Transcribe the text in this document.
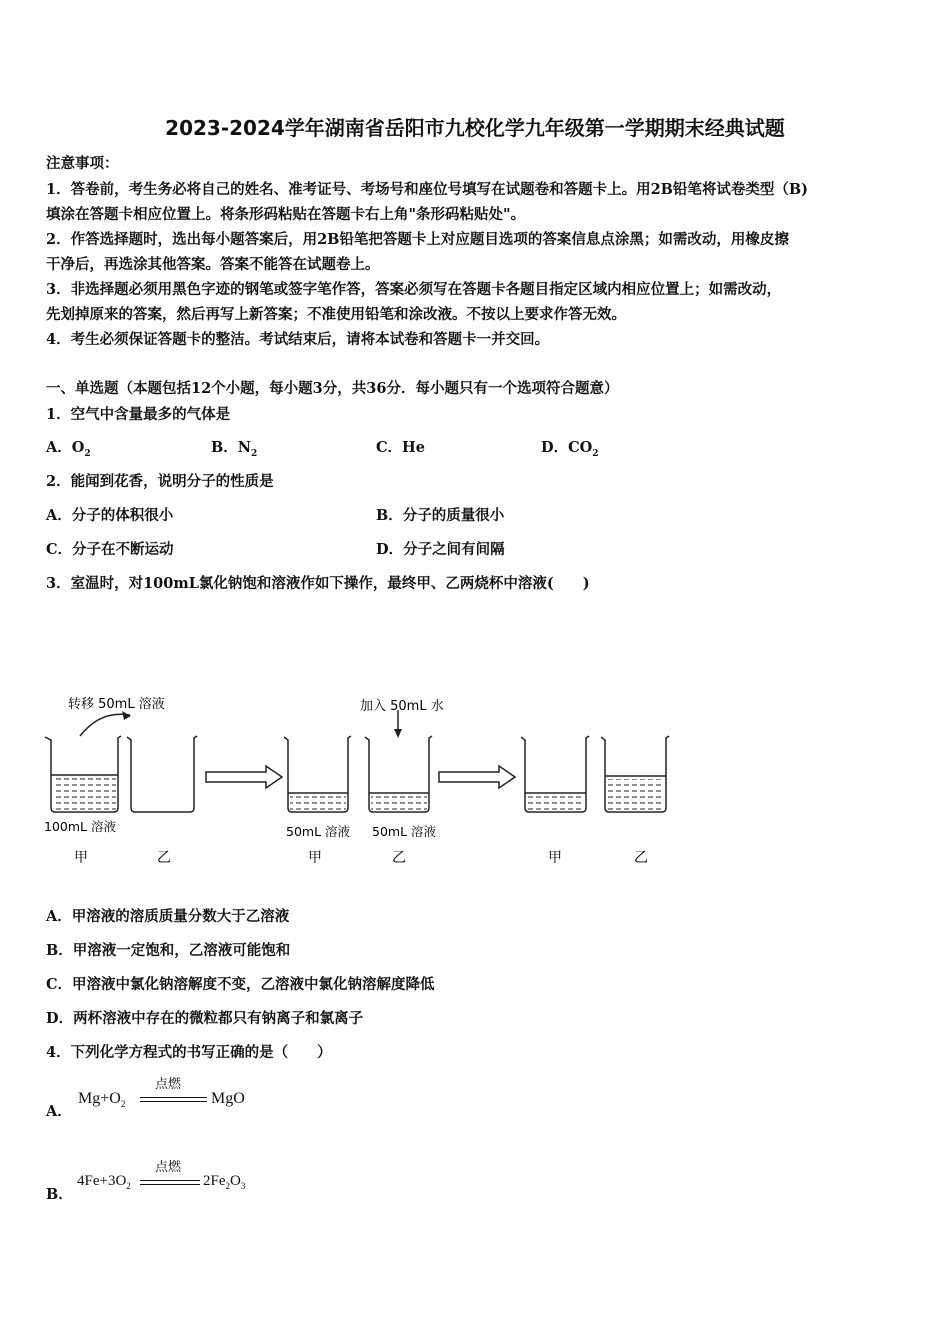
2023-2024学年湖南省岳阳市九校化学九年级第一学期期末经典试题
注意事项：
1．答卷前，考生务必将自己的姓名、准考证号、考场号和座位号填写在试题卷和答题卡上。用2B铅笔将试卷类型（B)
填涂在答题卡相应位置上。将条形码粘贴在答题卡右上角"条形码粘贴处"。
2．作答选择题时，选出每小题答案后，用2B铅笔把答题卡上对应题目选项的答案信息点涂黑；如需改动，用橡皮擦
干净后，再选涂其他答案。答案不能答在试题卷上。
3．非选择题必须用黑色字迹的钢笔或签字笔作答，答案必须写在答题卡各题目指定区域内相应位置上；如需改动，
先划掉原来的答案，然后再写上新答案；不准使用铅笔和涂改液。不按以上要求作答无效。
4．考生必须保证答题卡的整洁。考试结束后，请将本试卷和答题卡一并交回。
一、单选题（本题包括12个小题，每小题3分，共36分．每小题只有一个选项符合题意）
1．空气中含量最多的气体是
A．$O_2$	B．$N_2$	C．He	D．$CO_2$
2．能闻到花香，说明分子的性质是
A．分子的体积很小	B．分子的质量很小
C．分子在不断运动	D．分子之间有间隔
3．室温时，对100mL氯化钠饱和溶液作如下操作，最终甲、乙两烧杯中溶液(　　)
转移 50mL 溶液	加入 50mL 水
100mL 溶液	50mL 溶液 50mL 溶液
甲	乙	甲	乙	甲	乙
A．甲溶液的溶质质量分数大于乙溶液
B．甲溶液一定饱和，乙溶液可能饱和
C．甲溶液中氯化钠溶解度不变，乙溶液中氯化钠溶解度降低
D．两杯溶液中存在的微粒都只有钠离子和氯离子
4．下列化学方程式的书写正确的是（　　）
A．
$Mg+O_2$
点燃
MgO
B．
$4Fe+3O_2$
点燃
$2Fe_2O_3$
